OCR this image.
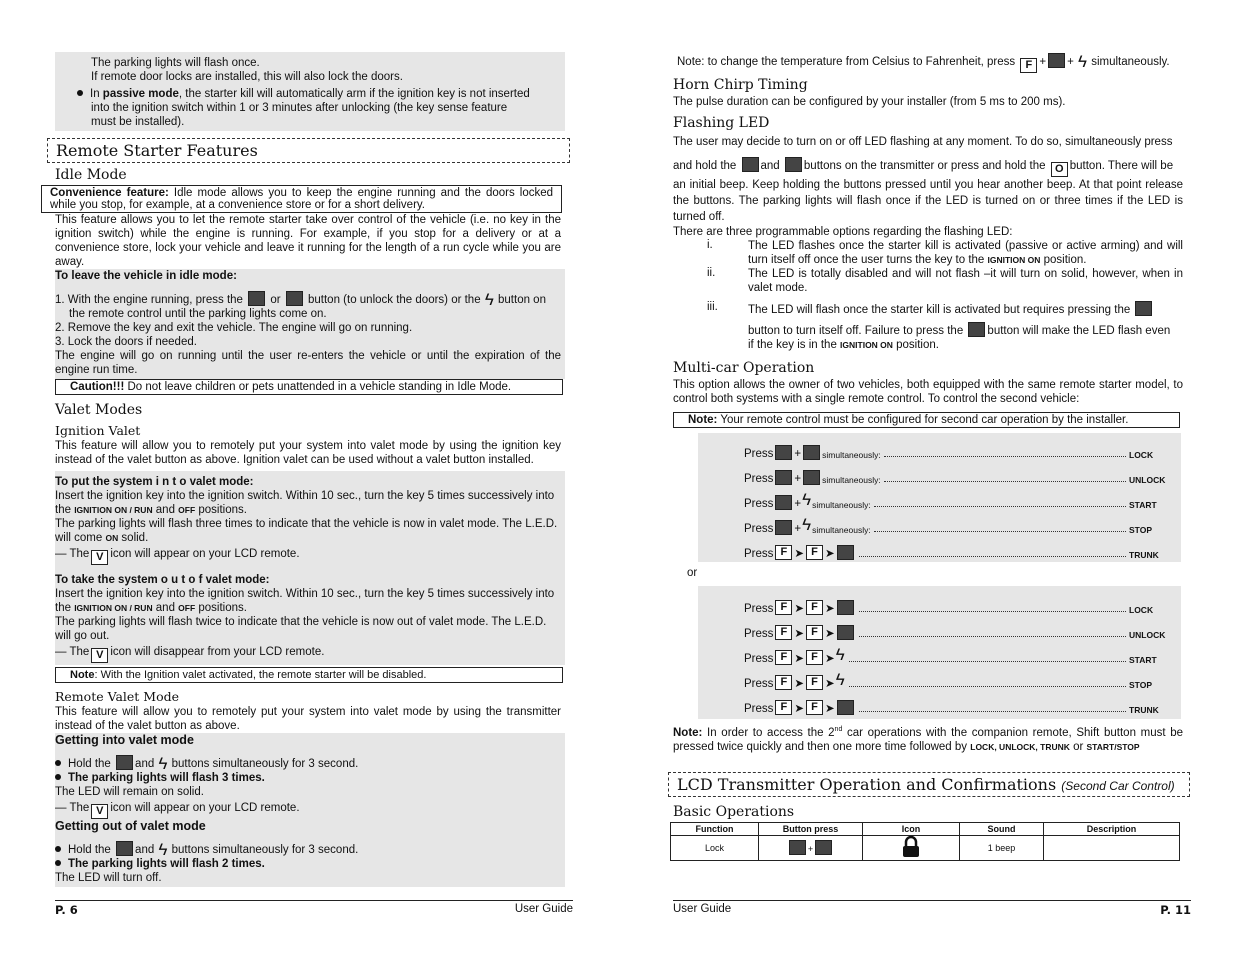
The parking lights will flash once.
If remote door locks are installed, this will also lock the doors.
In passive mode, the starter kill will automatically arm if the ignition key is not inserted
into the ignition switch within 1 or 3 minutes after unlocking (the key sense feature
must be installed).
Remote Starter Features
Idle Mode
Convenience feature: Idle mode allows you to keep the engine running and the doors locked while you stop, for example, at a convenience store or for a short delivery.

This feature allows you to let the remote starter take over control of the vehicle (i.e. no key in the ignition switch) while the engine is running. For example, if you stop for a delivery or at a convenience store, lock your vehicle and leave it running for the length of a run cycle while you are away.

To leave the vehicle in idle mode:
1. With the engine running, press the or button (to unlock the doors) or the ϟ button on
the remote control until the parking lights come on.
2. Remove the key and exit the vehicle. The engine will go on running.
3. Lock the doors if needed.

The engine will go on running until the user re-enters the vehicle or until the expiration of the engine run time.

Caution!!! Do not leave children or pets unattended in a vehicle standing in Idle Mode.
Valet Modes
Ignition Valet

This feature will allow you to remotely put your system into valet mode by using the ignition key instead of the valet button as above. Ignition valet can be used without a valet button installed.

To put the system i n t o valet mode:
Insert the ignition key into the ignition switch. Within 10 sec., turn the key 5 times successively into
the IGNITION ON / RUN and OFF positions.
The parking lights will flash three times to indicate that the vehicle is now in valet mode. The L.E.D.
will come ON solid.
— The V icon will appear on your LCD remote.
To take the system o u t o f valet mode:
Insert the ignition key into the ignition switch. Within 10 sec., turn the key 5 times successively into
the IGNITION ON / RUN and OFF positions.
The parking lights will flash twice to indicate that the vehicle is now out of valet mode. The L.E.D.
will go out.
— The V icon will disappear from your LCD remote.
Note: With the Ignition valet activated, the remote starter will be disabled.
Remote Valet Mode

This feature will allow you to remotely put your system into valet mode by using the transmitter instead of the valet button as above.

Getting into valet mode
Hold the and ϟ buttons simultaneously for 3 second.
The parking lights will flash 3 times.
The LED will remain on solid.
— The V icon will appear on your LCD remote.
Getting out of valet mode
Hold the and ϟ buttons simultaneously for 3 second.
The parking lights will flash 2 times.
The LED will turn off.
P. 6	User Guide
Note: to change the temperature from Celsius to Fahrenheit, press F + + ϟ simultaneously.
Horn Chirp Timing

The pulse duration can be configured by your installer (from 5 ms to 200 ms).

Flashing LED
The user may decide to turn on or off LED flashing at any moment. To do so, simultaneously press
and hold the and buttons on the transmitter or press and hold the O button. There will be

an initial beep. Keep holding the buttons pressed until you hear another beep. At that point release the buttons. The parking lights will flash once if the LED is turned on or three times if the LED is turned off.

There are three programmable options regarding the flashing LED:

i.	The LED flashes once the starter kill is activated (passive or active arming) and will turn itself off once the user turns the key to the IGNITION ON position.

ii.	The LED is totally disabled and will not flash –it will turn on solid, however, when in valet mode.

iii.	The LED will flash once the starter kill is activated but requires pressing the
button to turn itself off. Failure to press the button will make the LED flash even
if the key is in the IGNITION ON position.
Multi-car Operation

This option allows the owner of two vehicles, both equipped with the same remote starter model, to control both systems with a single remote control. To control the second vehicle:

Note: Your remote control must be configured for second car operation by the installer.
Press + simultaneously:	LOCK
Press + simultaneously:	UNLOCK
Press + ϟ simultaneously:	START
Press + ϟ simultaneously:	STOP
Press F ➤ F ➤	TRUNK
or
Press F ➤ F ➤	LOCK
Press F ➤ F ➤	UNLOCK
Press F ➤ F ➤ ϟ	START
Press F ➤ F ➤ ϟ	STOP
Press F ➤ F ➤	TRUNK

Note: In order to access the 2nd car operations with the companion remote, Shift button must be pressed twice quickly and then one more time followed by LOCK, UNLOCK, TRUNK or START/STOP

LCD Transmitter Operation and Confirmations (Second Car Control)
Basic Operations
Function	Button press	Icon	Sound	Description
Lock	+		1 beep	
User Guide	P. 11
